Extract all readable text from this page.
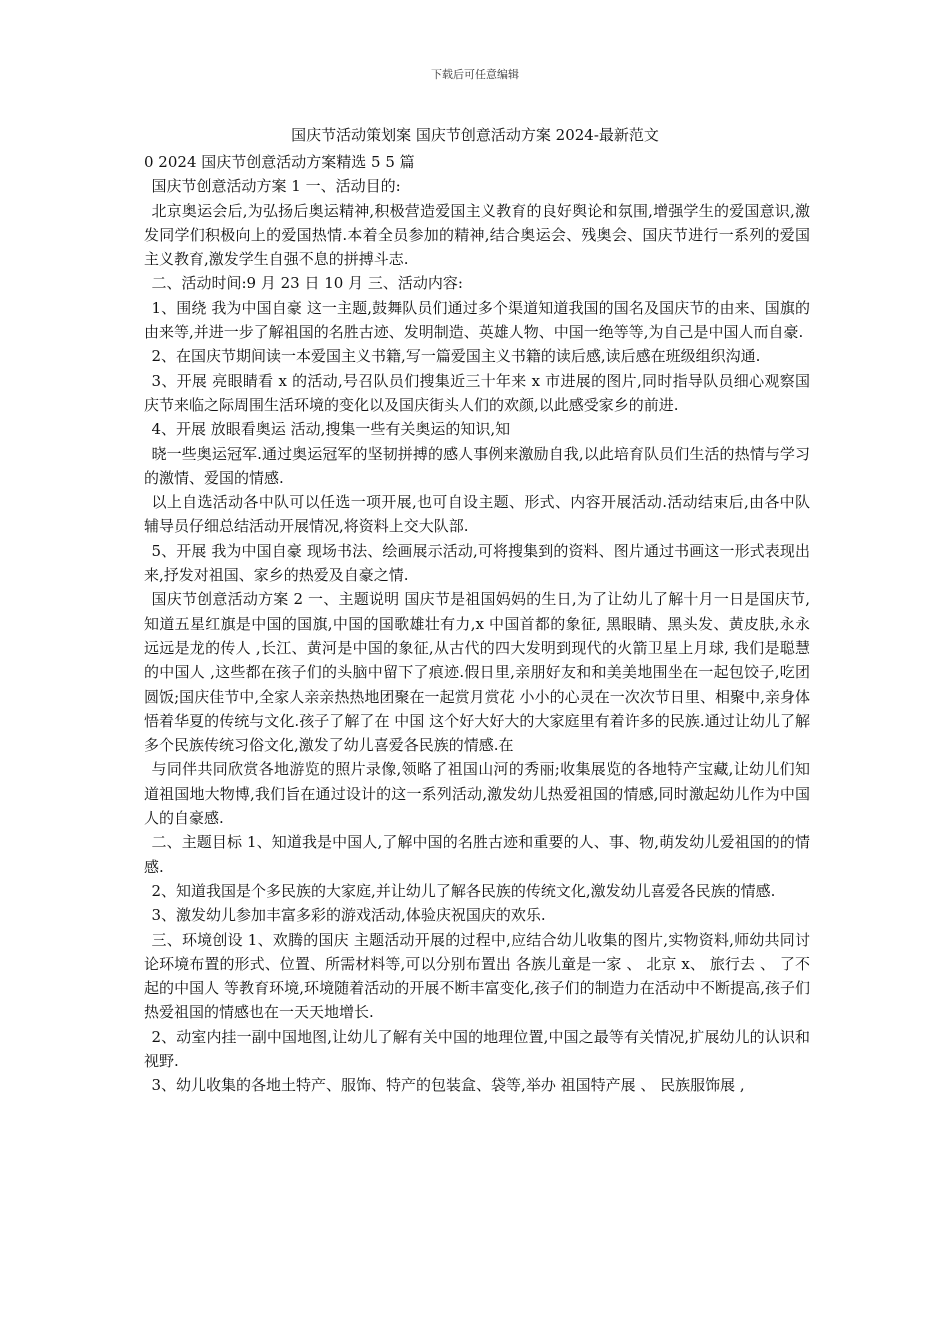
下载后可任意编辑
国庆节活动策划案 国庆节创意活动方案 2024-最新范文

0 2024 国庆节创意活动方案精选 5 5 篇

国庆节创意活动方案 1 一、活动目的:

北京奥运会后,为弘扬后奥运精神,积极营造爱国主义教育的良好舆论和氛围,增强学生的爱国意识,激发同学们积极向上的爱国热情.本着全员参加的精神,结合奥运会、残奥会、国庆节进行一系列的爱国主义教育,激发学生自强不息的拼搏斗志.

二、活动时间:9 月 23 日 10 月 三、活动内容:

1、围绕 我为中国自豪 这一主题,鼓舞队员们通过多个渠道知道我国的国名及国庆节的由来、国旗的由来等,并进一步了解祖国的名胜古迹、发明制造、英雄人物、中国一绝等等,为自己是中国人而自豪.

2、在国庆节期间读一本爱国主义书籍,写一篇爱国主义书籍的读后感,读后感在班级组织沟通.

3、开展 亮眼睛看 x 的活动,号召队员们搜集近三十年来 x 市进展的图片,同时指导队员细心观察国庆节来临之际周围生活环境的变化以及国庆街头人们的欢颜,以此感受家乡的前进.

4、开展 放眼看奥运 活动,搜集一些有关奥运的知识,知

晓一些奥运冠军.通过奥运冠军的坚韧拼搏的感人事例来激励自我,以此培育队员们生活的热情与学习的激情、爱国的情感.

以上自选活动各中队可以任选一项开展,也可自设主题、形式、内容开展活动.活动结束后,由各中队辅导员仔细总结活动开展情况,将资料上交大队部.

5、开展 我为中国自豪 现场书法、绘画展示活动,可将搜集到的资料、图片通过书画这一形式表现出来,抒发对祖国、家乡的热爱及自豪之情.

国庆节创意活动方案 2 一、主题说明 国庆节是祖国妈妈的生日,为了让幼儿了解十月一日是国庆节,知道五星红旗是中国的国旗,中国的国歌雄壮有力,x 中国首都的象征, 黑眼睛、黑头发、黄皮肤,永永远远是龙的传人 ,长江、黄河是中国的象征,从古代的四大发明到现代的火箭卫星上月球, 我们是聪慧的中国人 ,这些都在孩子们的头脑中留下了痕迹.假日里,亲朋好友和和美美地围坐在一起包饺子,吃团圆饭;国庆佳节中,全家人亲亲热热地团聚在一起赏月赏花 小小的心灵在一次次节日里、相聚中,亲身体悟着华夏的传统与文化.孩子了解了在 中国 这个好大好大的大家庭里有着许多的民族.通过让幼儿了解多个民族传统习俗文化,激发了幼儿喜爱各民族的情感.在

与同伴共同欣赏各地游览的照片录像,领略了祖国山河的秀丽;收集展览的各地特产宝藏,让幼儿们知道祖国地大物博,我们旨在通过设计的这一系列活动,激发幼儿热爱祖国的情感,同时激起幼儿作为中国人的自豪感.

二、主题目标 1、知道我是中国人,了解中国的名胜古迹和重要的人、事、物,萌发幼儿爱祖国的的情感.

2、知道我国是个多民族的大家庭,并让幼儿了解各民族的传统文化,激发幼儿喜爱各民族的情感.

3、激发幼儿参加丰富多彩的游戏活动,体验庆祝国庆的欢乐.

三、环境创设 1、欢腾的国庆 主题活动开展的过程中,应结合幼儿收集的图片,实物资料,师幼共同讨论环境布置的形式、位置、所需材料等,可以分别布置出 各族儿童是一家 、 北京 x、 旅行去 、 了不起的中国人 等教育环境,环境随着活动的开展不断丰富变化,孩子们的制造力在活动中不断提高,孩子们热爱祖国的情感也在一天天地增长.

2、动室内挂一副中国地图,让幼儿了解有关中国的地理位置,中国之最等有关情况,扩展幼儿的认识和视野.

3、幼儿收集的各地土特产、服饰、特产的包装盒、袋等,举办 祖国特产展 、 民族服饰展 ,
